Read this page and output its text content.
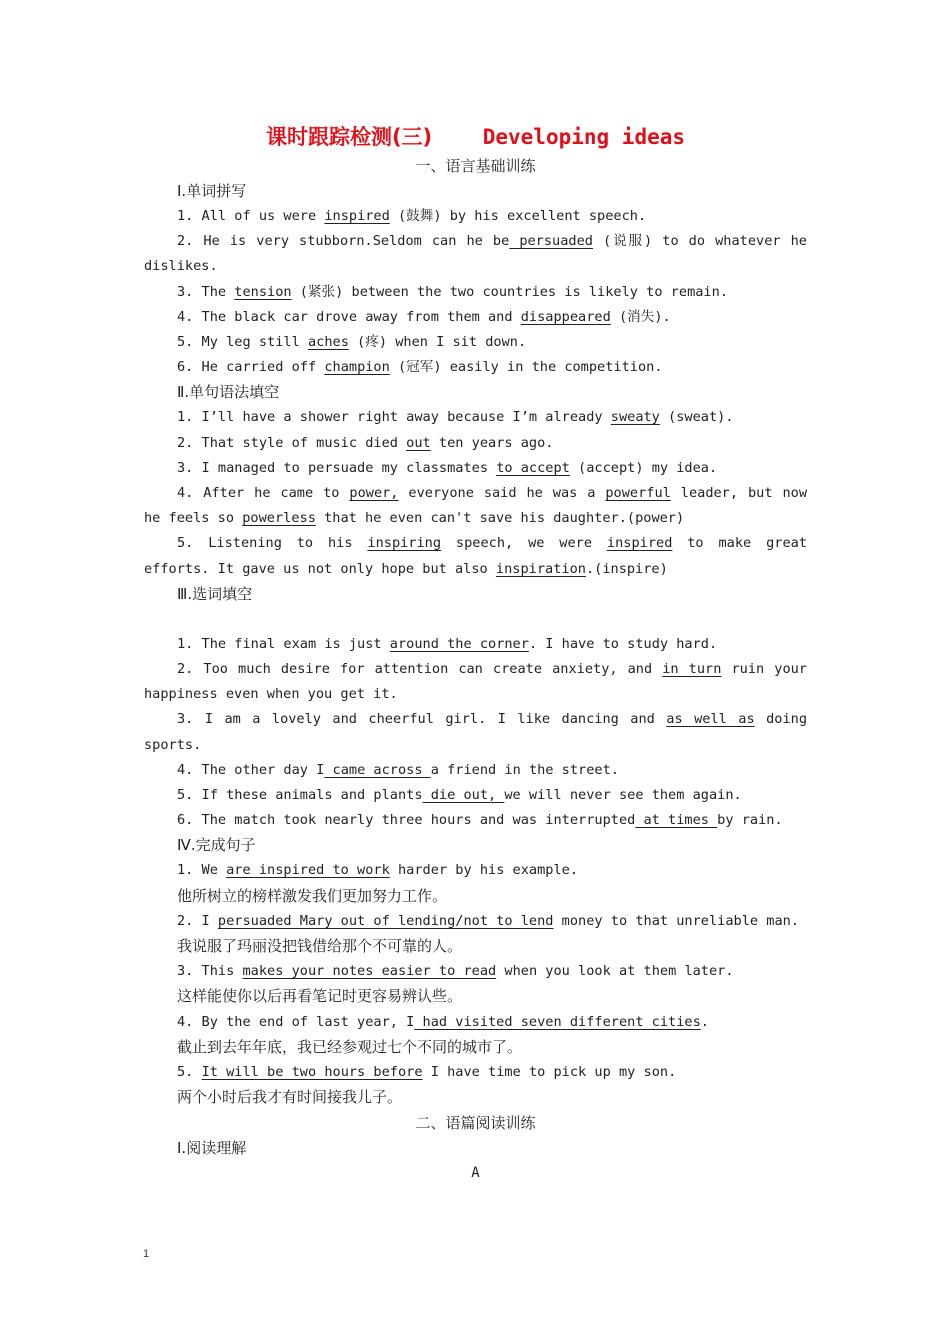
课时跟踪检测(三) Developing ideas

一、语言基础训练

Ⅰ.单词拼写

1. All of us were inspired (鼓舞) by his excellent speech.

2. He is very stubborn.Seldom can he be persuaded (说服) to do whatever he dislikes.

3. The tension (紧张) between the two countries is likely to remain.

4. The black car drove away from them and disappeared (消失).

5. My leg still aches (疼) when I sit down.

6. He carried off champion (冠军) easily in the competition.

Ⅱ.单句语法填空

1. I’ll have a shower right away because I’m already sweaty (sweat).

2. That style of music died out ten years ago.

3. I managed to persuade my classmates to accept (accept) my idea.

4. After he came to power, everyone said he was a powerful leader, but now he feels so powerless that he even can't save his daughter.(power)

5. Listening to his inspiring speech, we were inspired to make great efforts. It gave us not only hope but also inspiration.(inspire)

Ⅲ.选词填空

1. The final exam is just around the corner. I have to study hard.

2. Too much desire for attention can create anxiety, and in turn ruin your happiness even when you get it.

3. I am a lovely and cheerful girl. I like dancing and as well as doing sports.

4. The other day I came across a friend in the street.

5. If these animals and plants die out, we will never see them again.

6. The match took nearly three hours and was interrupted at times by rain.

Ⅳ.完成句子

1. We are inspired to work harder by his example.

他所树立的榜样激发我们更加努力工作。

2. I persuaded Mary out of lending/not to lend money to that unreliable man.

我说服了玛丽没把钱借给那个不可靠的人。

3. This makes your notes easier to read when you look at them later.

这样能使你以后再看笔记时更容易辨认些。

4. By the end of last year, I had visited seven different cities.

截止到去年年底，我已经参观过七个不同的城市了。

5. It will be two hours before I have time to pick up my son.

两个小时后我才有时间接我儿子。

二、语篇阅读训练

Ⅰ.阅读理解

A

1
